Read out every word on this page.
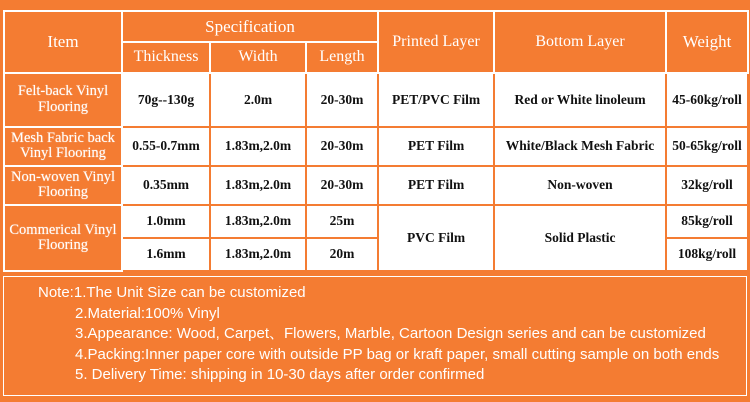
Item	Specification			Printed Layer	Bottom Layer	Weight
	Thickness	Width	Length			
Felt-back Vinyl Flooring	70g--130g	2.0m	20-30m	PET/PVC Film	Red or White linoleum	45-60kg/roll
Mesh Fabric back Vinyl Flooring	0.55-0.7mm	1.83m,2.0m	20-30m	PET Film	White/Black Mesh Fabric	50-65kg/roll
Non-woven Vinyl Flooring	0.35mm	1.83m,2.0m	20-30m	PET Film	Non-woven	32kg/roll
Commerical Vinyl Flooring	1.0mm	1.83m,2.0m	25m	PVC Film	Solid Plastic	85kg/roll
	1.6mm	1.83m,2.0m	20m			108kg/roll
Note:1.The Unit Size can be customized
2.Material:100% Vinyl
3.Appearance: Wood, Carpet、Flowers, Marble, Cartoon Design series and can be customized
4.Packing:Inner paper core with outside PP bag or kraft paper, small cutting sample on both ends
5. Delivery Time: shipping in 10-30 days after order confirmed
